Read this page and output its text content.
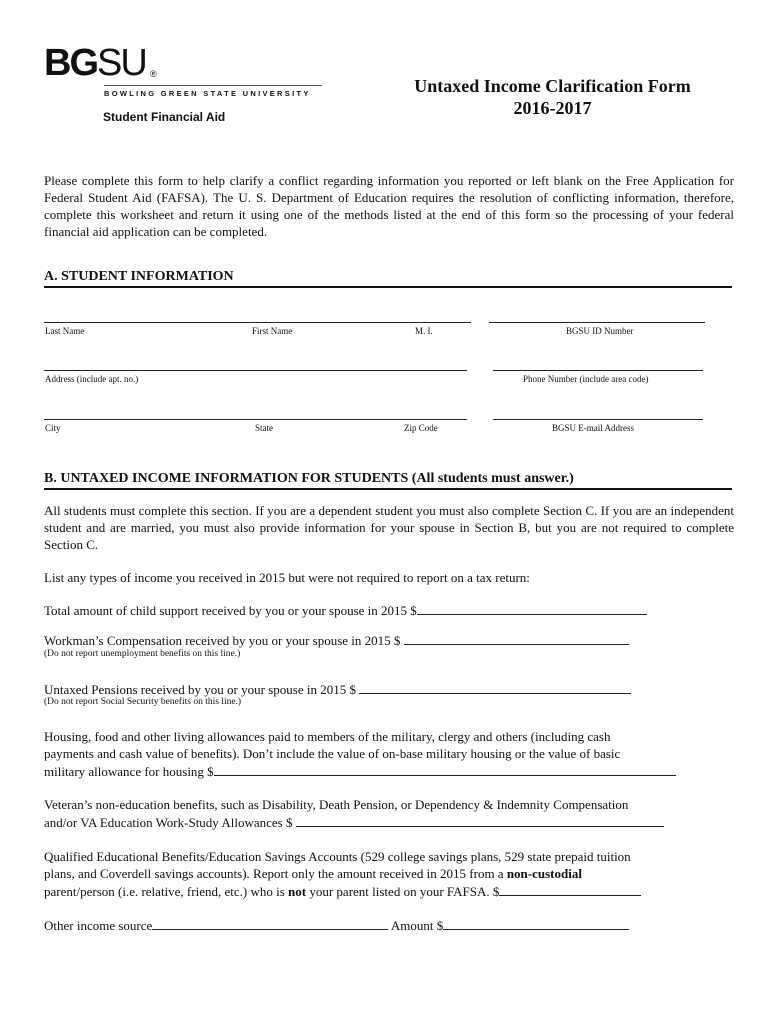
BGSU ®
BOWLING GREEN STATE UNIVERSITY
Student Financial Aid
Untaxed Income Clarification Form
2016-2017
Please complete this form to help clarify a conflict regarding information you reported or left blank on the Free Application for Federal Student Aid (FAFSA). The U. S. Department of Education requires the resolution of conflicting information, therefore, complete this worksheet and return it using one of the methods listed at the end of this form so the processing of your federal financial aid application can be completed.
A. STUDENT INFORMATION
Last Name	First Name	M. I.	BGSU ID Number
Address (include apt. no.)	Phone Number (include area code)
City	State	Zip Code	BGSU E-mail Address
B. UNTAXED INCOME INFORMATION FOR STUDENTS (All students must answer.)
All students must complete this section. If you are a dependent student you must also complete Section C. If you are an independent student and are married, you must also provide information for your spouse in Section B, but you are not required to complete Section C.
List any types of income you received in 2015 but were not required to report on a tax return:
Total amount of child support received by you or your spouse in 2015 $
Workman’s Compensation received by you or your spouse in 2015 $
(Do not report unemployment benefits on this line.)
Untaxed Pensions received by you or your spouse in 2015 $
(Do not report Social Security benefits on this line.)
Housing, food and other living allowances paid to members of the military, clergy and others (including cash
payments and cash value of benefits). Don’t include the value of on-base military housing or the value of basic
military allowance for housing $
Veteran’s non-education benefits, such as Disability, Death Pension, or Dependency & Indemnity Compensation
and/or VA Education Work-Study Allowances $
Qualified Educational Benefits/Education Savings Accounts (529 college savings plans, 529 state prepaid tuition
plans, and Coverdell savings accounts). Report only the amount received in 2015 from a non-custodial
parent/person (i.e. relative, friend, etc.) who is not your parent listed on your FAFSA. $
Other income source	Amount $
